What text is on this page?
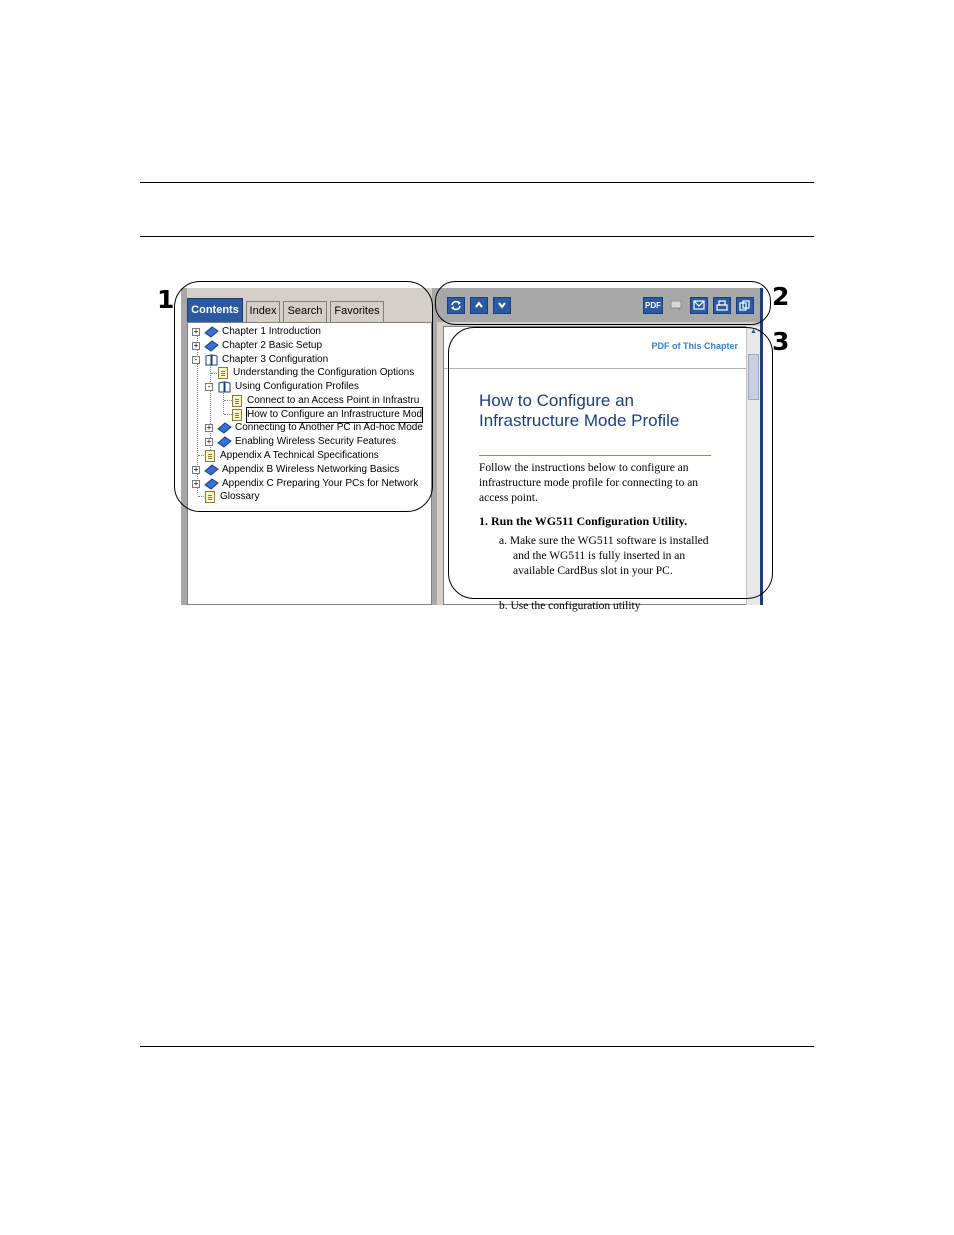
Contents Index	Search	Favorites
+ Chapter 1 Introduction
+ Chapter 2 Basic Setup
- Chapter 3 Configuration
Understanding the Configuration Options
- Using Configuration Profiles
Connect to an Access Point in Infrastru
How to Configure an Infrastructure Mod
+ Connecting to Another PC in Ad-hoc Mode
+ Enabling Wireless Security Features
Appendix A Technical Specifications
+ Appendix B Wireless Networking Basics
+ Appendix C Preparing Your PCs for Network
Glossary
PDF
PDF of This Chapter
How to Configure an Infrastructure Mode Profile

Follow the instructions below to configure an infrastructure mode profile for connecting to an access point.

1. Run the WG511 Configuration Utility.

a. Make sure the WG511 software is installed and the WG511 is fully inserted in an available CardBus slot in your PC.

b. Use the configuration utility

▲
1	2
3
